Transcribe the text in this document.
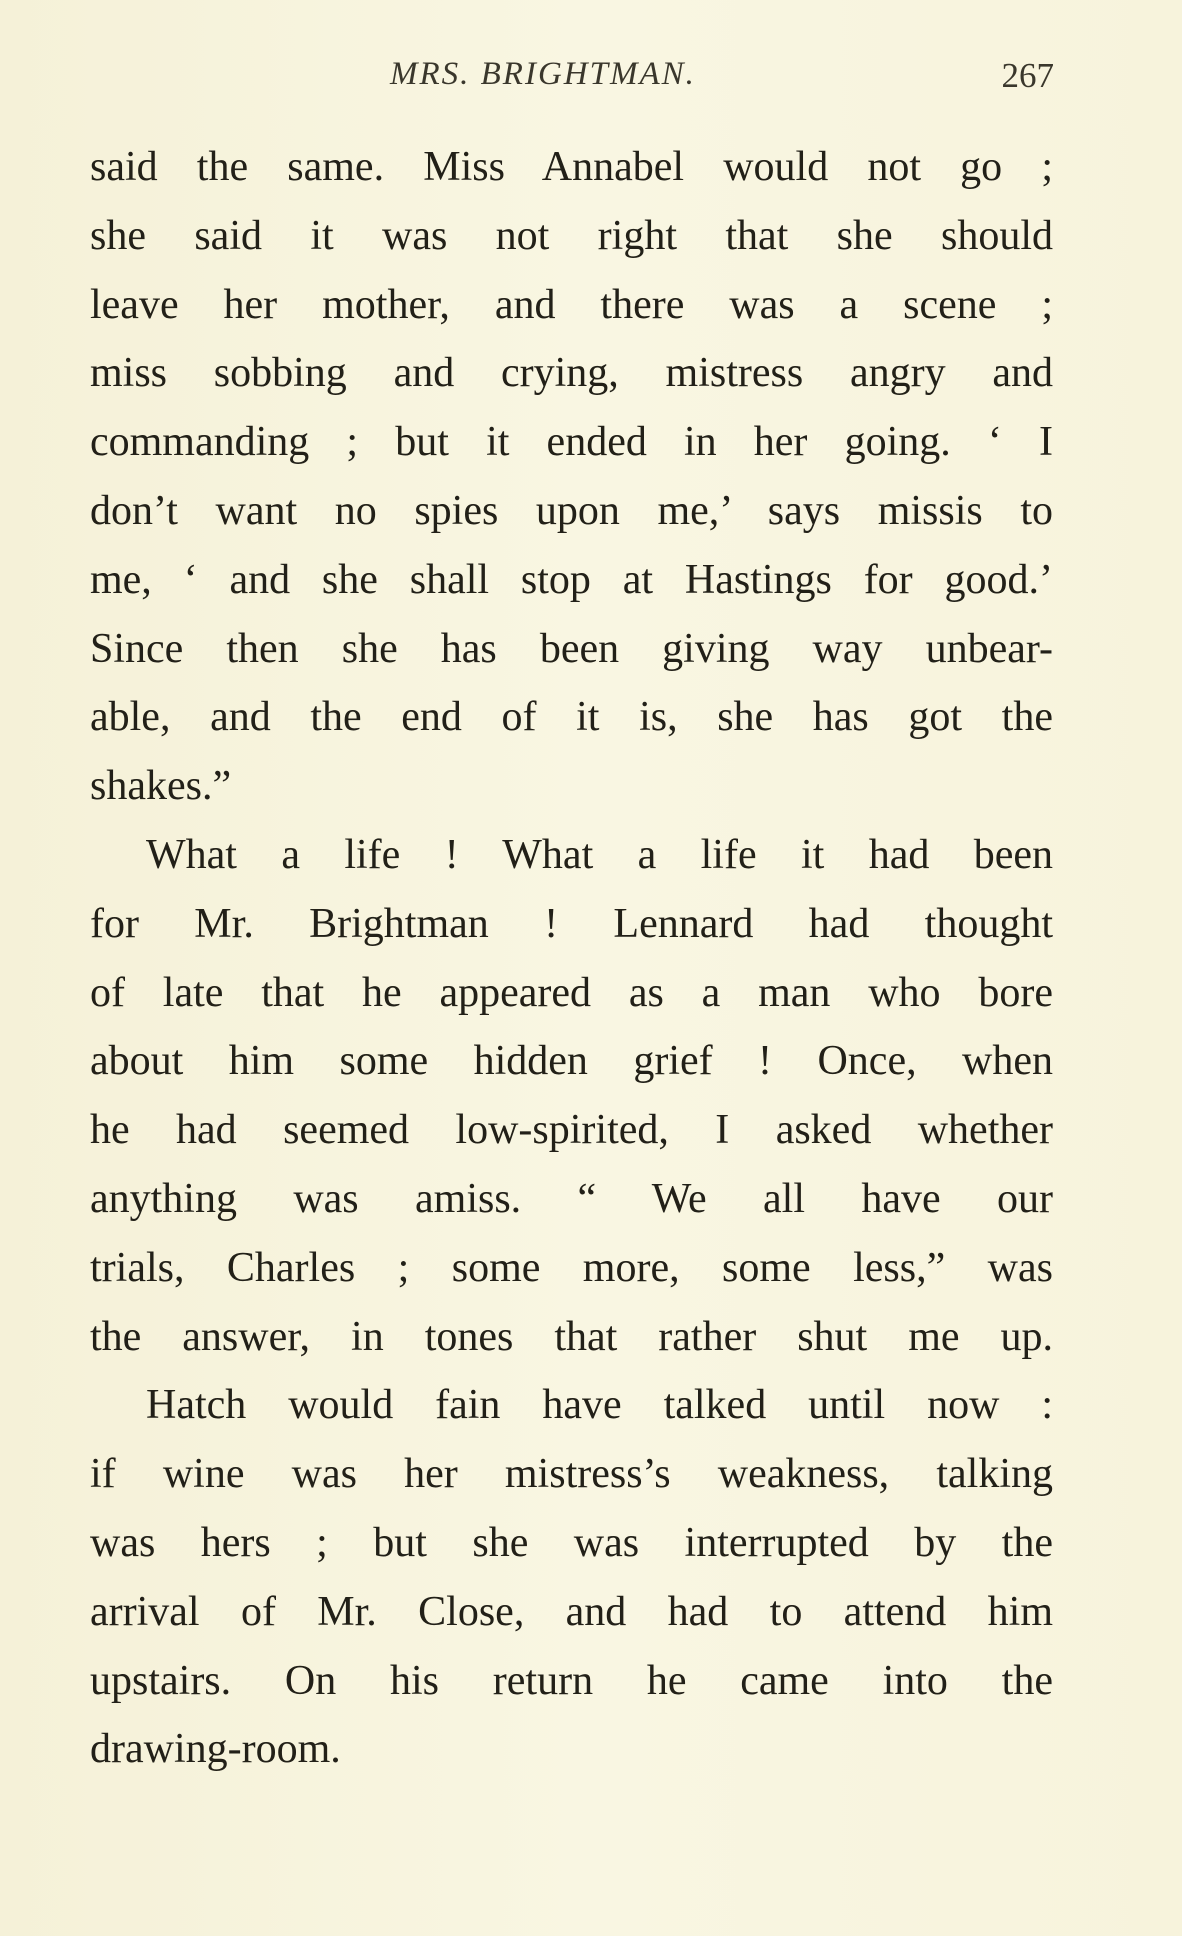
MRS. BRIGHTMAN.	267
said the same. Miss Annabel would not go ;
she said it was not right that she should
leave her mother, and there was a scene ;
miss sobbing and crying, mistress angry and
commanding ; but it ended in her going. ‘ I
don’t want no spies upon me,’ says missis to
me, ‘ and she shall stop at Hastings for good.’
Since then she has been giving way unbear-
able, and the end of it is, she has got the
shakes.”
What a life ! What a life it had been
for Mr. Brightman ! Lennard had thought
of late that he appeared as a man who bore
about him some hidden grief ! Once, when
he had seemed low-spirited, I asked whether
anything was amiss. “ We all have our
trials, Charles ; some more, some less,” was
the answer, in tones that rather shut me up.
Hatch would fain have talked until now :
if wine was her mistress’s weakness, talking
was hers ; but she was interrupted by the
arrival of Mr. Close, and had to attend him
upstairs. On his return he came into the
drawing-room.
